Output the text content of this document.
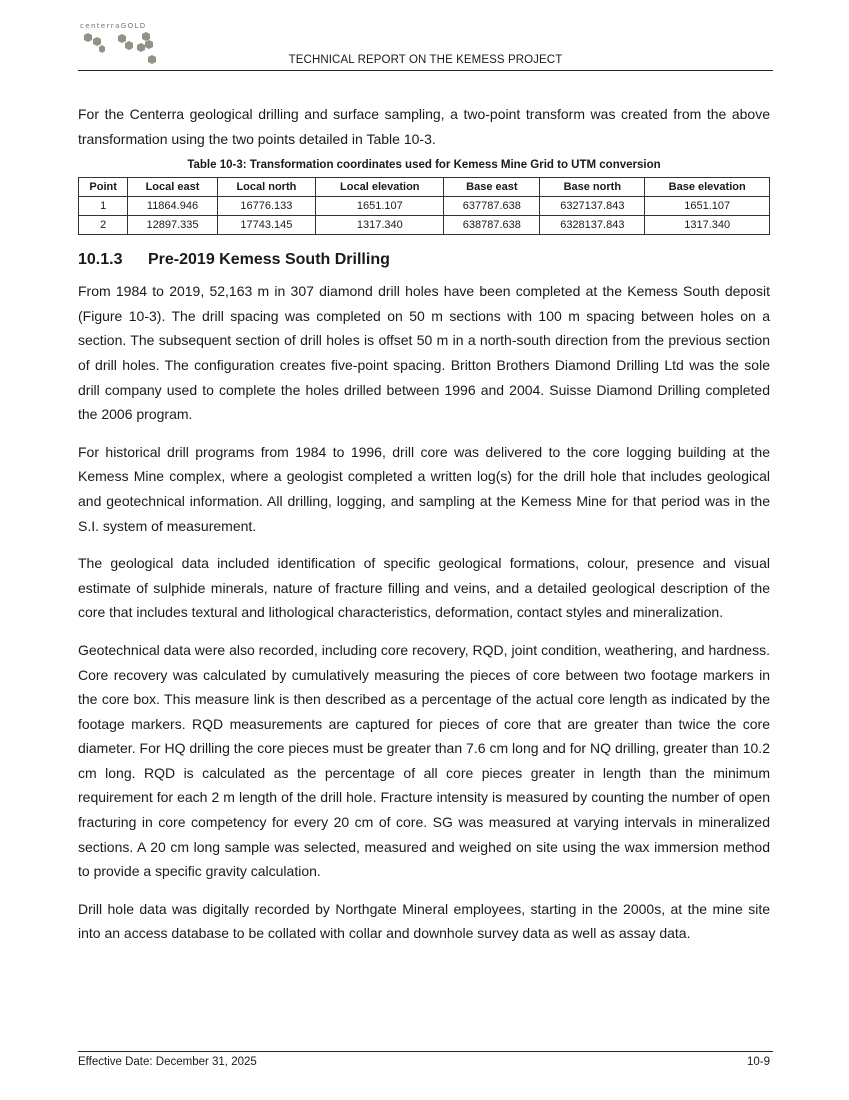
centerraGOLD
TECHNICAL REPORT ON THE KEMESS PROJECT

For the Centerra geological drilling and surface sampling, a two-point transform was created from the above transformation using the two points detailed in Table 10-3.

Table 10-3: Transformation coordinates used for Kemess Mine Grid to UTM conversion
Point	Local east	Local north	Local elevation	Base east	Base north	Base elevation
1	11864.946	16776.133	1651.107	637787.638	6327137.843	1651.107
2	12897.335	17743.145	1317.340	638787.638	6328137.843	1317.340
10.1.3 Pre-2019 Kemess South Drilling

From 1984 to 2019, 52,163 m in 307 diamond drill holes have been completed at the Kemess South deposit (Figure 10-3). The drill spacing was completed on 50 m sections with 100 m spacing between holes on a section. The subsequent section of drill holes is offset 50 m in a north-south direction from the previous section of drill holes. The configuration creates five-point spacing. Britton Brothers Diamond Drilling Ltd was the sole drill company used to complete the holes drilled between 1996 and 2004. Suisse Diamond Drilling completed the 2006 program.

For historical drill programs from 1984 to 1996, drill core was delivered to the core logging building at the Kemess Mine complex, where a geologist completed a written log(s) for the drill hole that includes geological and geotechnical information. All drilling, logging, and sampling at the Kemess Mine for that period was in the S.I. system of measurement.

The geological data included identification of specific geological formations, colour, presence and visual estimate of sulphide minerals, nature of fracture filling and veins, and a detailed geological description of the core that includes textural and lithological characteristics, deformation, contact styles and mineralization.

Geotechnical data were also recorded, including core recovery, RQD, joint condition, weathering, and hardness. Core recovery was calculated by cumulatively measuring the pieces of core between two footage markers in the core box. This measure link is then described as a percentage of the actual core length as indicated by the footage markers. RQD measurements are captured for pieces of core that are greater than twice the core diameter. For HQ drilling the core pieces must be greater than 7.6 cm long and for NQ drilling, greater than 10.2 cm long. RQD is calculated as the percentage of all core pieces greater in length than the minimum requirement for each 2 m length of the drill hole. Fracture intensity is measured by counting the number of open fracturing in core competency for every 20 cm of core. SG was measured at varying intervals in mineralized sections. A 20 cm long sample was selected, measured and weighed on site using the wax immersion method to provide a specific gravity calculation.

Drill hole data was digitally recorded by Northgate Mineral employees, starting in the 2000s, at the mine site into an access database to be collated with collar and downhole survey data as well as assay data.

Effective Date: December 31, 2025	10-9
